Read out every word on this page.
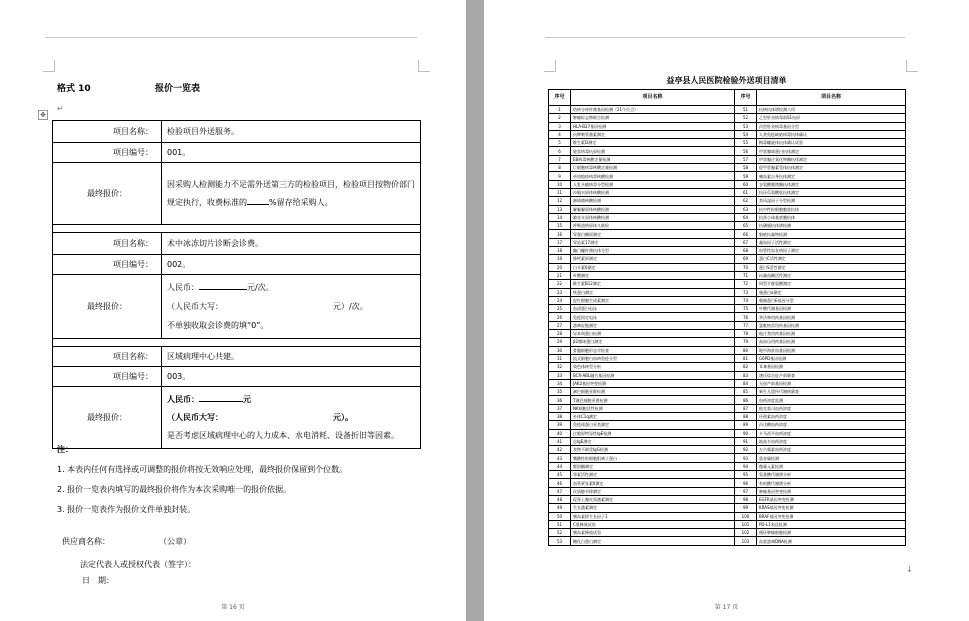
格式 10	报价一览表
↵
✥
项目名称：	检验项目外送服务。
项目编号：	001。
最终报价：	因采购人检测能力不足需外送第三方的检验项目，检验项目按物价部门
规定执行，收费标准的 %留存给采购人。

项目名称：	术中冰冻切片诊断会诊费。
项目编号：	002。
最终报价：	人民币： 元/次。
（人民币大写： 元）/次。
不单独收取会诊费的填“0”。

项目名称：	区域病理中心共建。
项目编号：	003。
最终报价：	人民币： 元
（人民币大写： 元）。
是否考虑区域病理中心的人力成本、水电消耗、设备折旧等因素。
注：
1. 本表内任何有选择或可调整的报价将按无效响应处理，最终报价保留到个位数。
2. 报价一览表内填写的最终报价将作为本次采购唯一的报价依据。
3. 报价一览表作为报价文件单独封装。
供应商名称：	（公章）
法定代表人或授权代表（签字）：
日　期：
第 16 页
益亭县人民医院检验外送项目清单
↓
第 17 页
序号	项目名称	序号	项目名称
1	结核分枝杆菌基因检测（21个位点）	51	抗核抗体谱检测八项
2	肿瘤标志物联合检测	52	乙型肝炎病毒前S1抗原
3	HLA-B27基因检测	53	丙型肝炎病毒基因分型
4	抗缪勒管激素测定	54	人类免疫缺陷病毒抗体确认
5	维生素D测定	55	梅毒螺旋体抗体确认试验
6	轮状病毒抗原检测	56	甲状腺球蛋白抗体测定
7	EB病毒核酸定量检测	57	甲状腺过氧化物酶抗体测定
8	巨细胞病毒核酸定量检测	58	促甲状腺素受体抗体测定
9	单纯疱疹病毒核酸检测	59	胰岛素自身抗体测定
10	人乳头瘤病毒分型检测	60	谷氨酸脱羧酶抗体测定
11	沙眼衣原体核酸检测	61	抗环瓜氨酸肽抗体测定
12	淋球菌核酸检测	62	类风湿因子分型检测
13	解脲脲原体核酸检测	63	抗中性粒细胞胞浆抗体
14	肺炎支原体核酸检测	64	抗肾小球基底膜抗体
15	呼吸道病原体九联检	65	抗磷脂抗体谱检测
16	胃蛋白酶原测定	66	狼疮抗凝物检测
17	胃泌素17测定	67	凝血因子活性测定
18	幽门螺杆菌抗体分型	68	血管性血友病因子测定
19	降钙素原测定	69	蛋白C活性测定
20	白介素6测定	70	蛋白S活性测定
21	叶酸测定	71	抗凝血酶活性测定
22	维生素B12测定	72	同型半胱氨酸测定
23	铁蛋白测定	73	脂蛋白a测定
24	促红细胞生成素测定	74	载脂蛋白E基因分型
25	血清蛋白电泳	75	叶酸代谢基因检测
26	免疫固定电泳	76	华法林用药基因检测
27	游离轻链测定	77	氯吡格雷用药基因检测
28	尿本周蛋白检测	78	他汀类用药基因检测
29	β2微球蛋白测定	79	高血压用药基因检测
30	骨髓细胞形态学检查	80	地中海贫血基因检测
31	流式细胞白血病免疫分型	81	G6PD基因检测
32	染色体核型分析	82	耳聋基因检测
33	BCR-ABL融合基因检测	83	唐氏综合征产前筛查
34	JAK2基因突变检测	84	无创产前基因检测
35	淋巴细胞亚群检测	85	新生儿遗传代谢病筛查
36	T淋巴细胞亚群检测	86	血药浓度监测
37	NK细胞活性检测	87	他克莫司血药浓度
38	补体C1q测定	88	环孢素血药浓度
39	免疫球蛋白亚类测定	89	丙戊酸血药浓度
40	过敏原特异性IgE检测	90	卡马西平血药浓度
41	总IgE测定	91	地高辛血药浓度
42	食物不耐受IgG检测	92	万古霉素血药浓度
43	嗜酸性粒细胞阳离子蛋白	93	重金属检测
44	醛固酮测定	94	微量元素检测
45	肾素活性测定	95	氨基酸代谢谱分析
46	血管紧张素II测定	96	有机酸代谢谱分析
47	皮质醇节律测定	97	肿瘤基因突变检测
48	促肾上腺皮质激素测定	98	EGFR基因突变检测
49	生长激素测定	99	KRAS基因突变检测
50	胰岛素样生长因子1	100	BRAF基因突变检测
51	C肽释放试验	101	PD-L1表达检测
52	胰岛素释放试验	102	循环肿瘤细胞检测
53	糖化白蛋白测定	103	血浆游离DNA检测
